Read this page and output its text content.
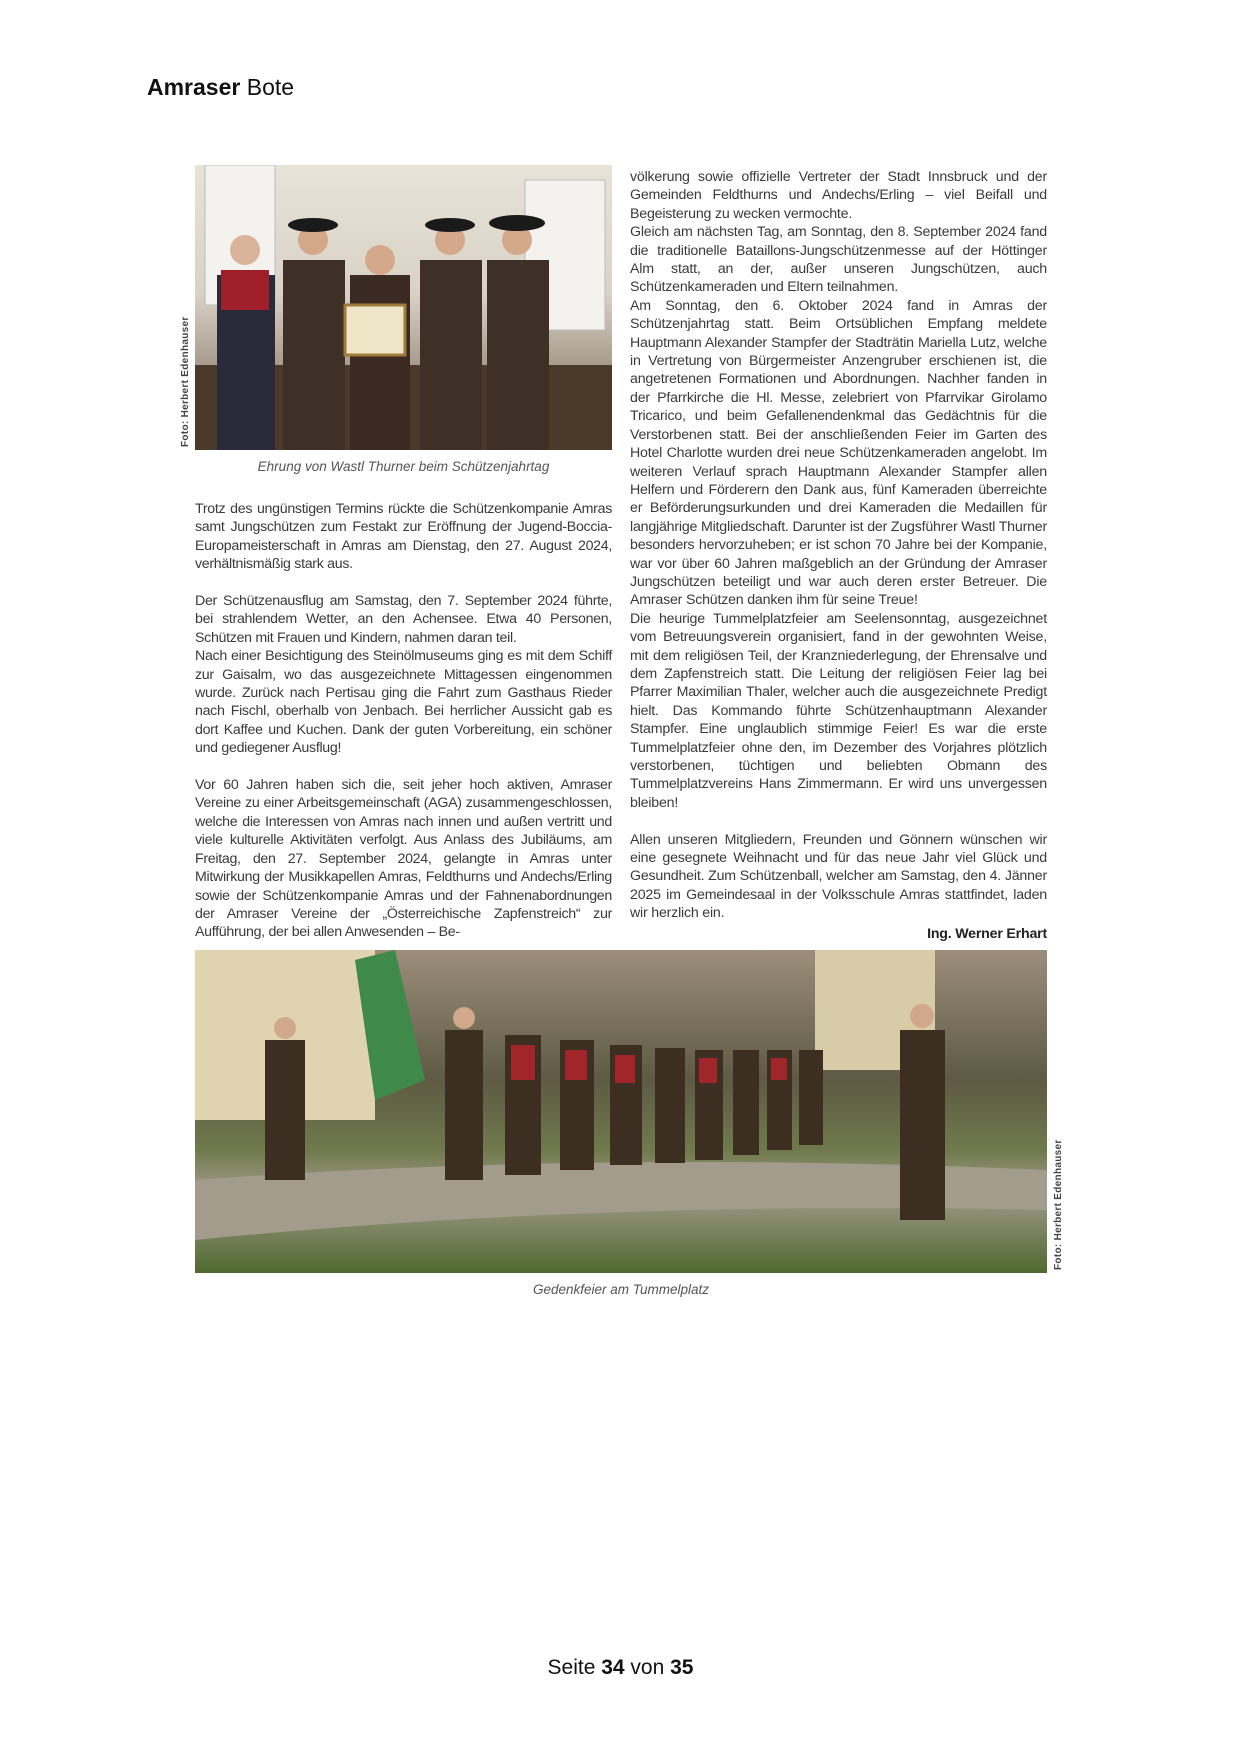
Amraser Bote
Foto: Herbert Edenhauser
Ehrung von Wastl Thurner beim Schützenjahrtag

Trotz des ungünstigen Termins rückte die Schützenkompanie Amras samt Jungschützen zum Festakt zur Eröffnung der Jugend-Boccia-Europameisterschaft in Amras am Dienstag, den 27. August 2024, verhältnismäßig stark aus.

Der Schützenausflug am Samstag, den 7. September 2024 führte, bei strahlendem Wetter, an den Achensee. Etwa 40 Personen, Schützen mit Frauen und Kindern, nahmen daran teil.

Nach einer Besichtigung des Steinölmuseums ging es mit dem Schiff zur Gaisalm, wo das ausgezeichnete Mittagessen eingenommen wurde. Zurück nach Pertisau ging die Fahrt zum Gasthaus Rieder nach Fischl, oberhalb von Jenbach. Bei herrlicher Aussicht gab es dort Kaffee und Kuchen. Dank der guten Vorbereitung, ein schöner und gediegener Ausflug!

Vor 60 Jahren haben sich die, seit jeher hoch aktiven, Amraser Vereine zu einer Arbeitsgemeinschaft (AGA) zusammengeschlossen, welche die Interessen von Amras nach innen und außen vertritt und viele kulturelle Aktivitäten verfolgt. Aus Anlass des Jubiläums, am Freitag, den 27. September 2024, gelangte in Amras unter Mitwirkung der Musikkapellen Amras, Feldthurns und Andechs/Erling sowie der Schützenkompanie Amras und der Fahnenabordnungen der Amraser Vereine der „Österreichische Zapfenstreich“ zur Aufführung, der bei allen Anwesenden – Be-

völkerung sowie offizielle Vertreter der Stadt Innsbruck und der Gemeinden Feldthurns und Andechs/Erling – viel Beifall und Begeisterung zu wecken vermochte.

Gleich am nächsten Tag, am Sonntag, den 8. September 2024 fand die traditionelle Bataillons-Jungschützenmesse auf der Höttinger Alm statt, an der, außer unseren Jungschützen, auch Schützenkameraden und Eltern teilnahmen.

Am Sonntag, den 6. Oktober 2024 fand in Amras der Schützenjahrtag statt. Beim Ortsüblichen Empfang meldete Hauptmann Alexander Stampfer der Stadträtin Mariella Lutz, welche in Vertretung von Bürgermeister Anzengruber erschienen ist, die angetretenen Formationen und Abordnungen. Nachher fanden in der Pfarrkirche die Hl. Messe, zelebriert von Pfarrvikar Girolamo Tricarico, und beim Gefallenendenkmal das Gedächtnis für die Verstorbenen statt. Bei der anschließenden Feier im Garten des Hotel Charlotte wurden drei neue Schützenkameraden angelobt. Im weiteren Verlauf sprach Hauptmann Alexander Stampfer allen Helfern und Förderern den Dank aus, fünf Kameraden überreichte er Beförderungsurkunden und drei Kameraden die Medaillen für langjährige Mitgliedschaft. Darunter ist der Zugsführer Wastl Thurner besonders hervorzuheben; er ist schon 70 Jahre bei der Kompanie, war vor über 60 Jahren maßgeblich an der Gründung der Amraser Jungschützen beteiligt und war auch deren erster Betreuer. Die Amraser Schützen danken ihm für seine Treue!

Die heurige Tummelplatzfeier am Seelensonntag, ausgezeichnet vom Betreuungsverein organisiert, fand in der gewohnten Weise, mit dem religiösen Teil, der Kranzniederlegung, der Ehrensalve und dem Zapfenstreich statt. Die Leitung der religiösen Feier lag bei Pfarrer Maximilian Thaler, welcher auch die ausgezeichnete Predigt hielt. Das Kommando führte Schützenhauptmann Alexander Stampfer. Eine unglaublich stimmige Feier! Es war die erste Tummelplatzfeier ohne den, im Dezember des Vorjahres plötzlich verstorbenen, tüchtigen und beliebten Obmann des Tummelplatzvereins Hans Zimmermann. Er wird uns unvergessen bleiben!

Allen unseren Mitgliedern, Freunden und Gönnern wünschen wir eine gesegnete Weihnacht und für das neue Jahr viel Glück und Gesundheit. Zum Schützenball, welcher am Samstag, den 4. Jänner 2025 im Gemeindesaal in der Volksschule Amras stattfindet, laden wir herzlich ein.

Ing. Werner Erhart

Foto: Herbert Edenhauser
Gedenkfeier am Tummelplatz
Seite 34 von 35
